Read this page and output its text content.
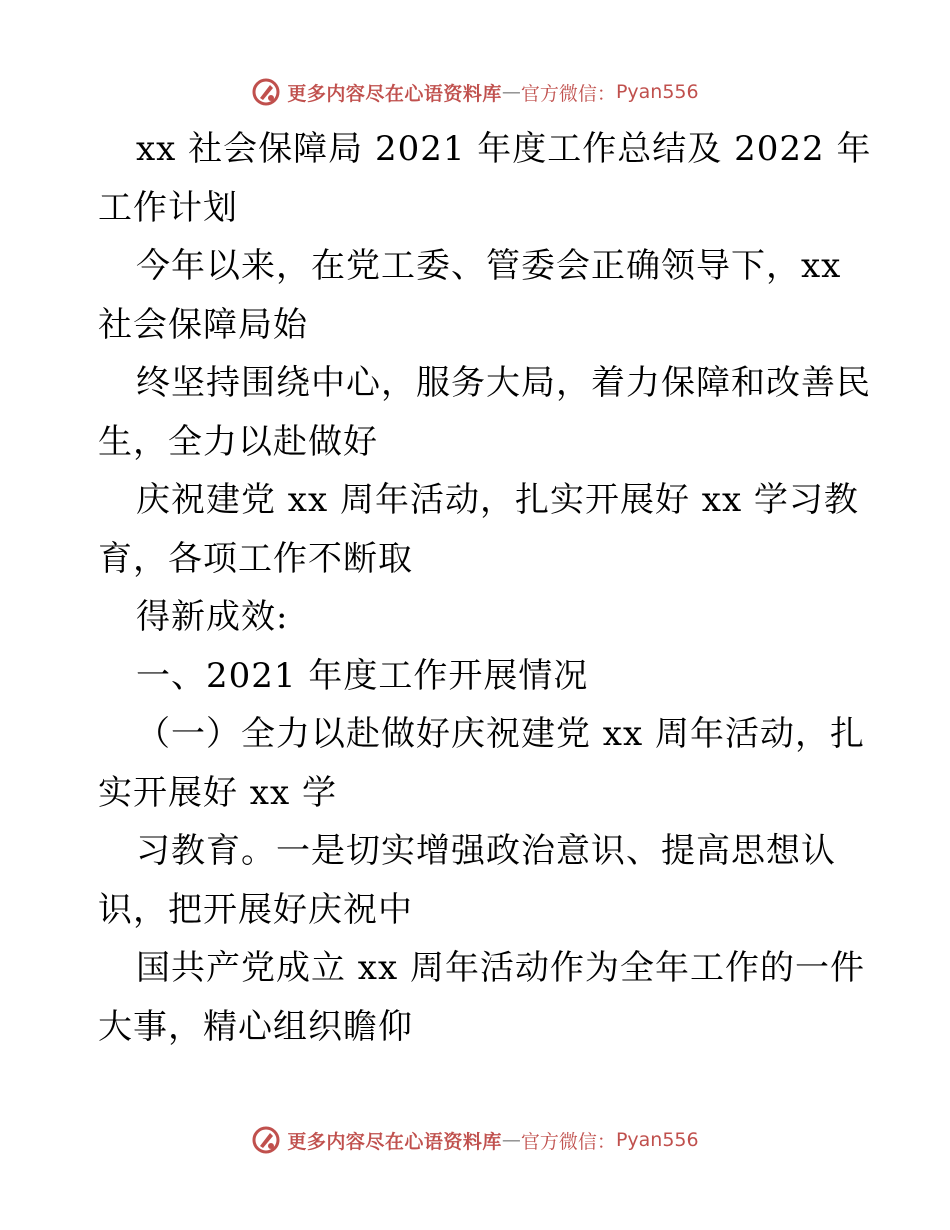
更多内容尽在心语资料库 — 官方微信： Pyan556
xx 社会保障局 2021 年度工作总结及 2022 年
工作计划
今年以来，在党工委、管委会正确领导下，xx
社会保障局始
终坚持围绕中心，服务大局，着力保障和改善民
生，全力以赴做好
庆祝建党 xx 周年活动，扎实开展好 xx 学习教
育，各项工作不断取
得新成效:
一、2021 年度工作开展情况
（一）全力以赴做好庆祝建党 xx 周年活动，扎
实开展好 xx 学
习教育。一是切实增强政治意识、提高思想认
识，把开展好庆祝中
国共产党成立 xx 周年活动作为全年工作的一件
大事，精心组织瞻仰
更多内容尽在心语资料库 — 官方微信： Pyan556
